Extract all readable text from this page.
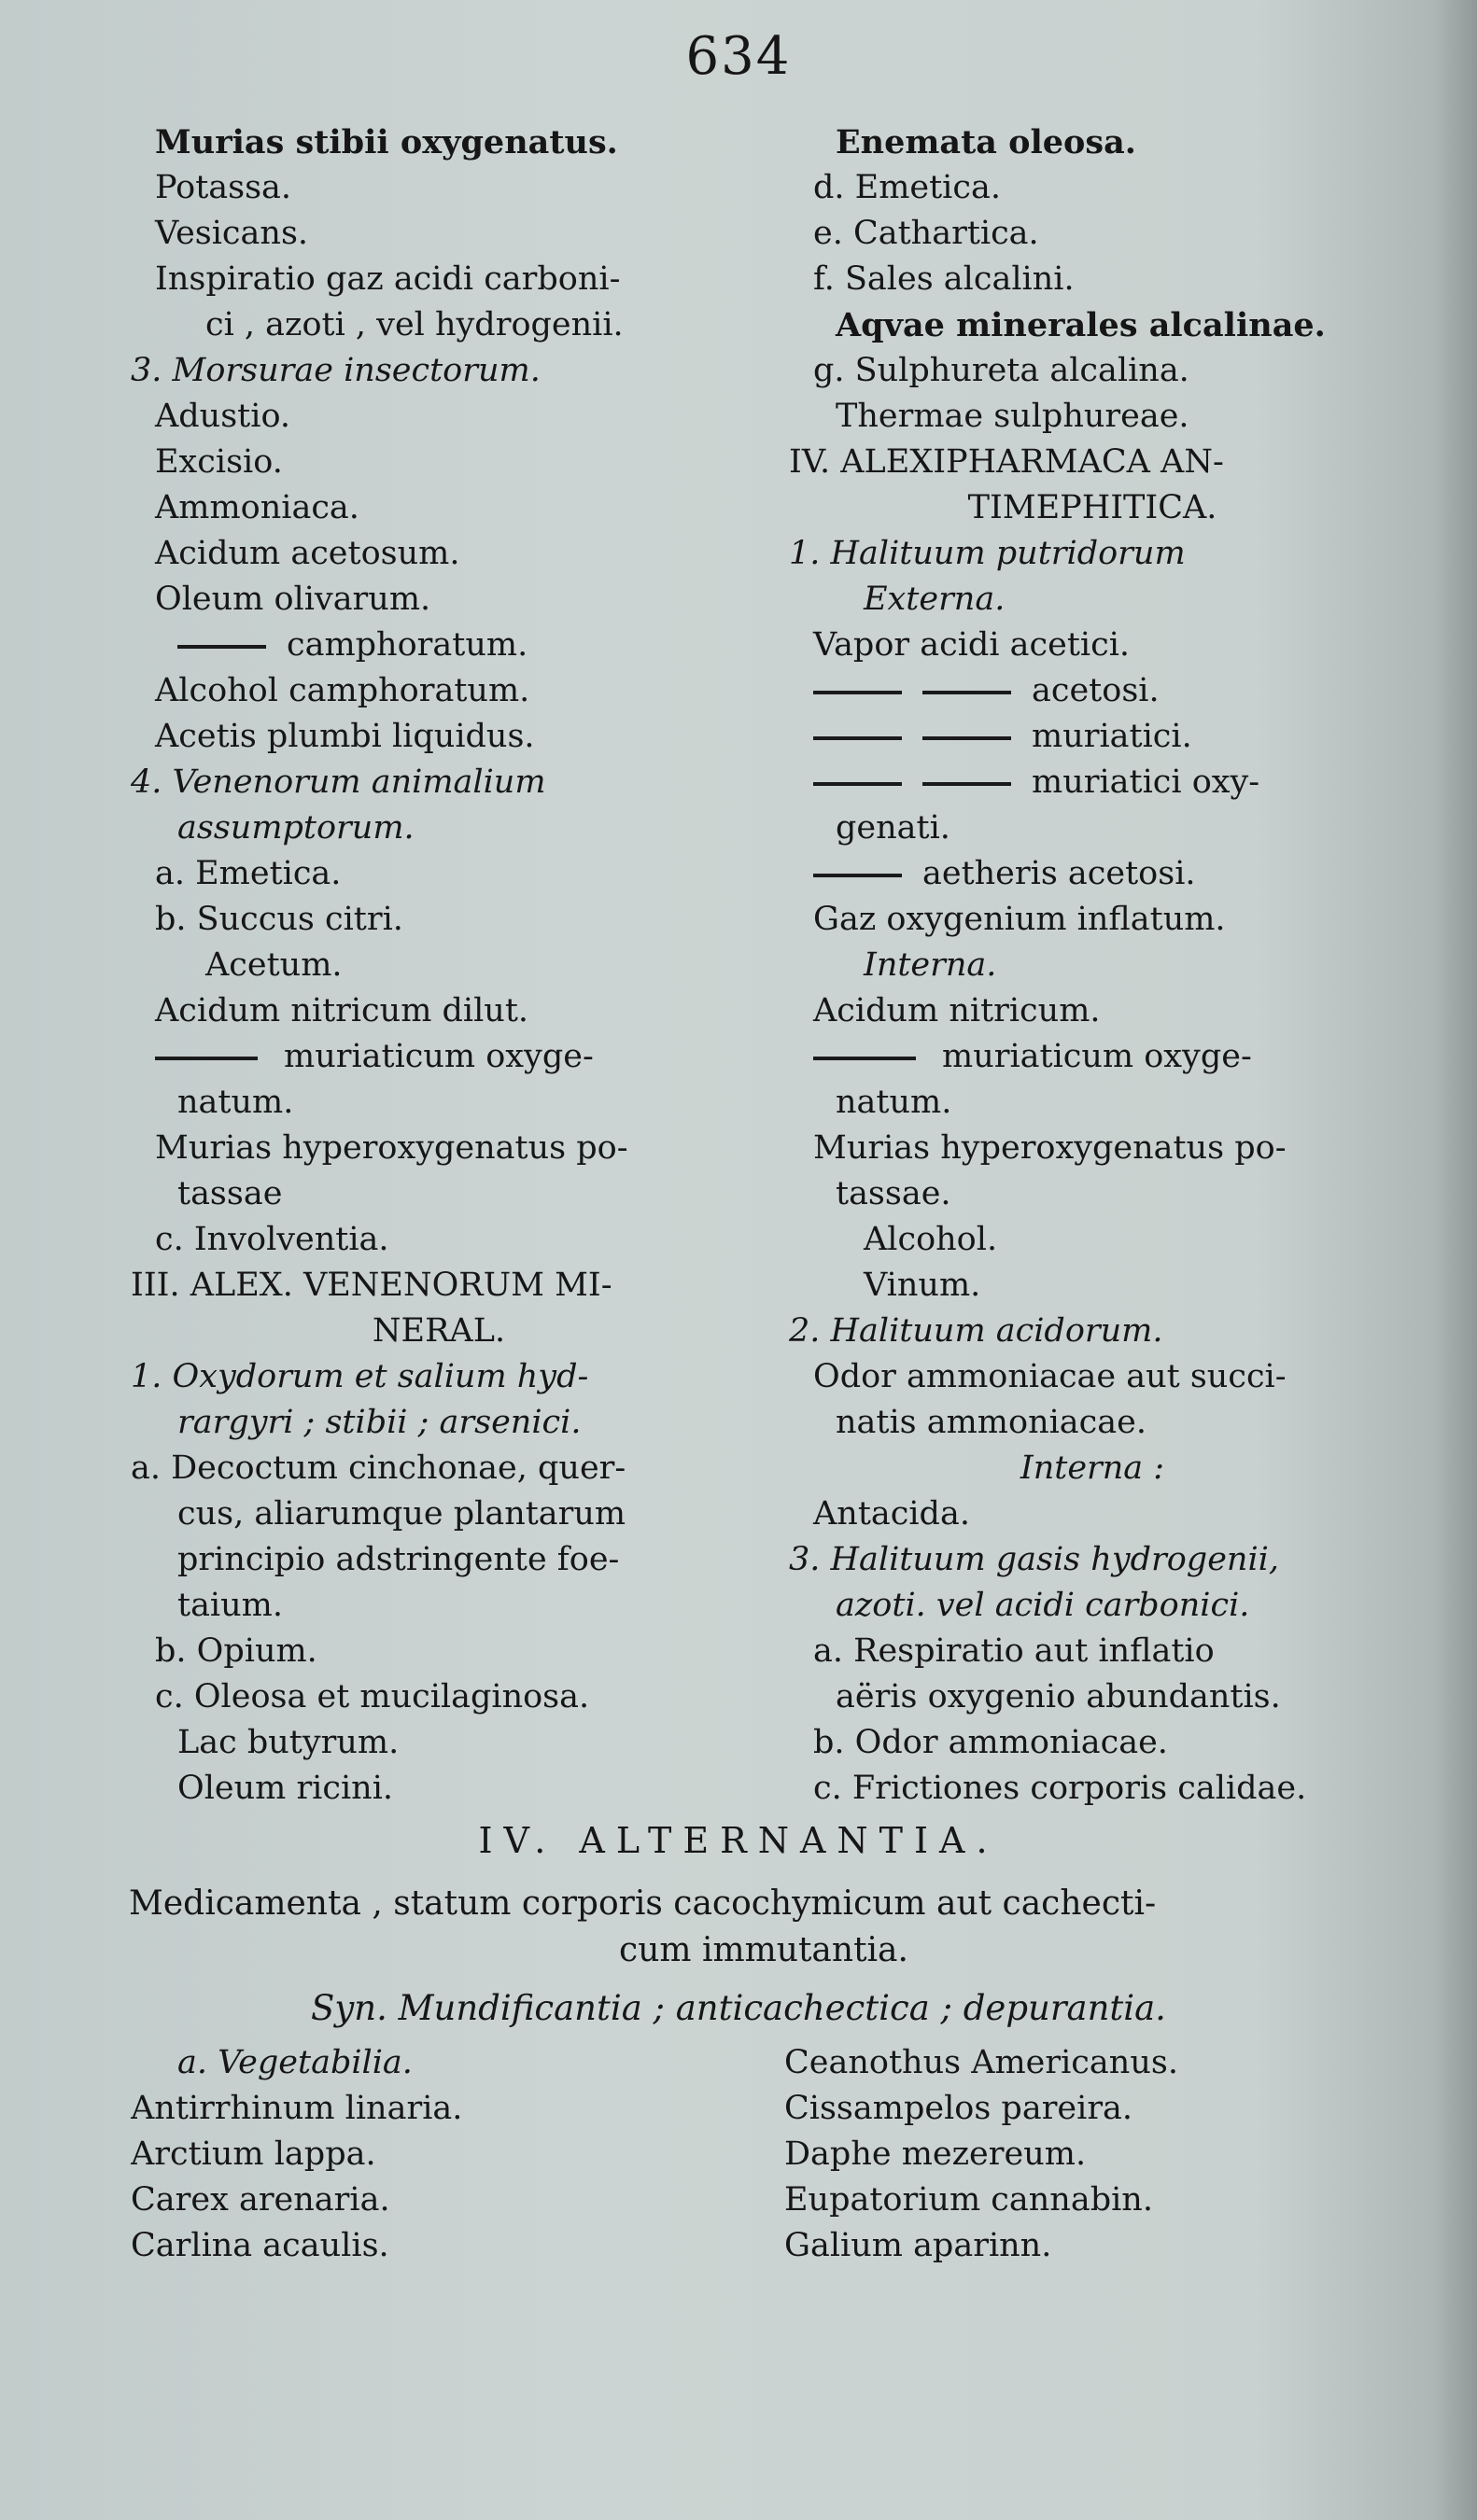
634
Murias stibii oxygenatus.
Potassa.
Vesicans.
Inspiratio gaz acidi carboni-
ci , azoti , vel hydrogenii.
3. Morsurae insectorum.
Adustio.
Excisio.
Ammoniaca.
Acidum acetosum.
Oleum olivarum.
camphoratum.
Alcohol camphoratum.
Acetis plumbi liquidus.
4. Venenorum animalium
assumptorum.
a. Emetica.
b. Succus citri.
Acetum.
Acidum nitricum dilut.
muriaticum oxyge-
natum.
Murias hyperoxygenatus po-
tassae
c. Involventia.
III. ALEX. VENENORUM MI-
NERAL.
1. Oxydorum et salium hyd-
rargyri ; stibii ; arsenici.
a. Decoctum cinchonae, quer-
cus, aliarumque plantarum
principio adstringente foe-
taium.
b. Opium.
c. Oleosa et mucilaginosa.
Lac butyrum.
Oleum ricini.
Enemata oleosa.
d. Emetica.
e. Cathartica.
f. Sales alcalini.
Aqvae minerales alcalinae.
g. Sulphureta alcalina.
Thermae sulphureae.
IV. ALEXIPHARMACA AN-
TIMEPHITICA.
1. Halituum putridorum
Externa.
Vapor acidi acetici.
acetosi.
muriatici.
muriatici oxy-
genati.
aetheris acetosi.
Gaz oxygenium inflatum.
Interna.
Acidum nitricum.
muriaticum oxyge-
natum.
Murias hyperoxygenatus po-
tassae.
Alcohol.
Vinum.
2. Halituum acidorum.
Odor ammoniacae aut succi-
natis ammoniacae.
Interna :
Antacida.
3. Halituum gasis hydrogenii,
azoti. vel acidi carbonici.
a. Respiratio aut inflatio
aëris oxygenio abundantis.
b. Odor ammoniacae.
c. Frictiones corporis calidae.
IV. ALTERNANTIA.
Medicamenta , statum corporis cacochymicum aut cachecti-
cum immutantia.
Syn. Mundificantia ; anticachectica ; depurantia.
a. Vegetabilia.
Antirrhinum linaria.
Arctium lappa.
Carex arenaria.
Carlina acaulis.
Ceanothus Americanus.
Cissampelos pareira.
Daphe mezereum.
Eupatorium cannabin.
Galium aparinn.
